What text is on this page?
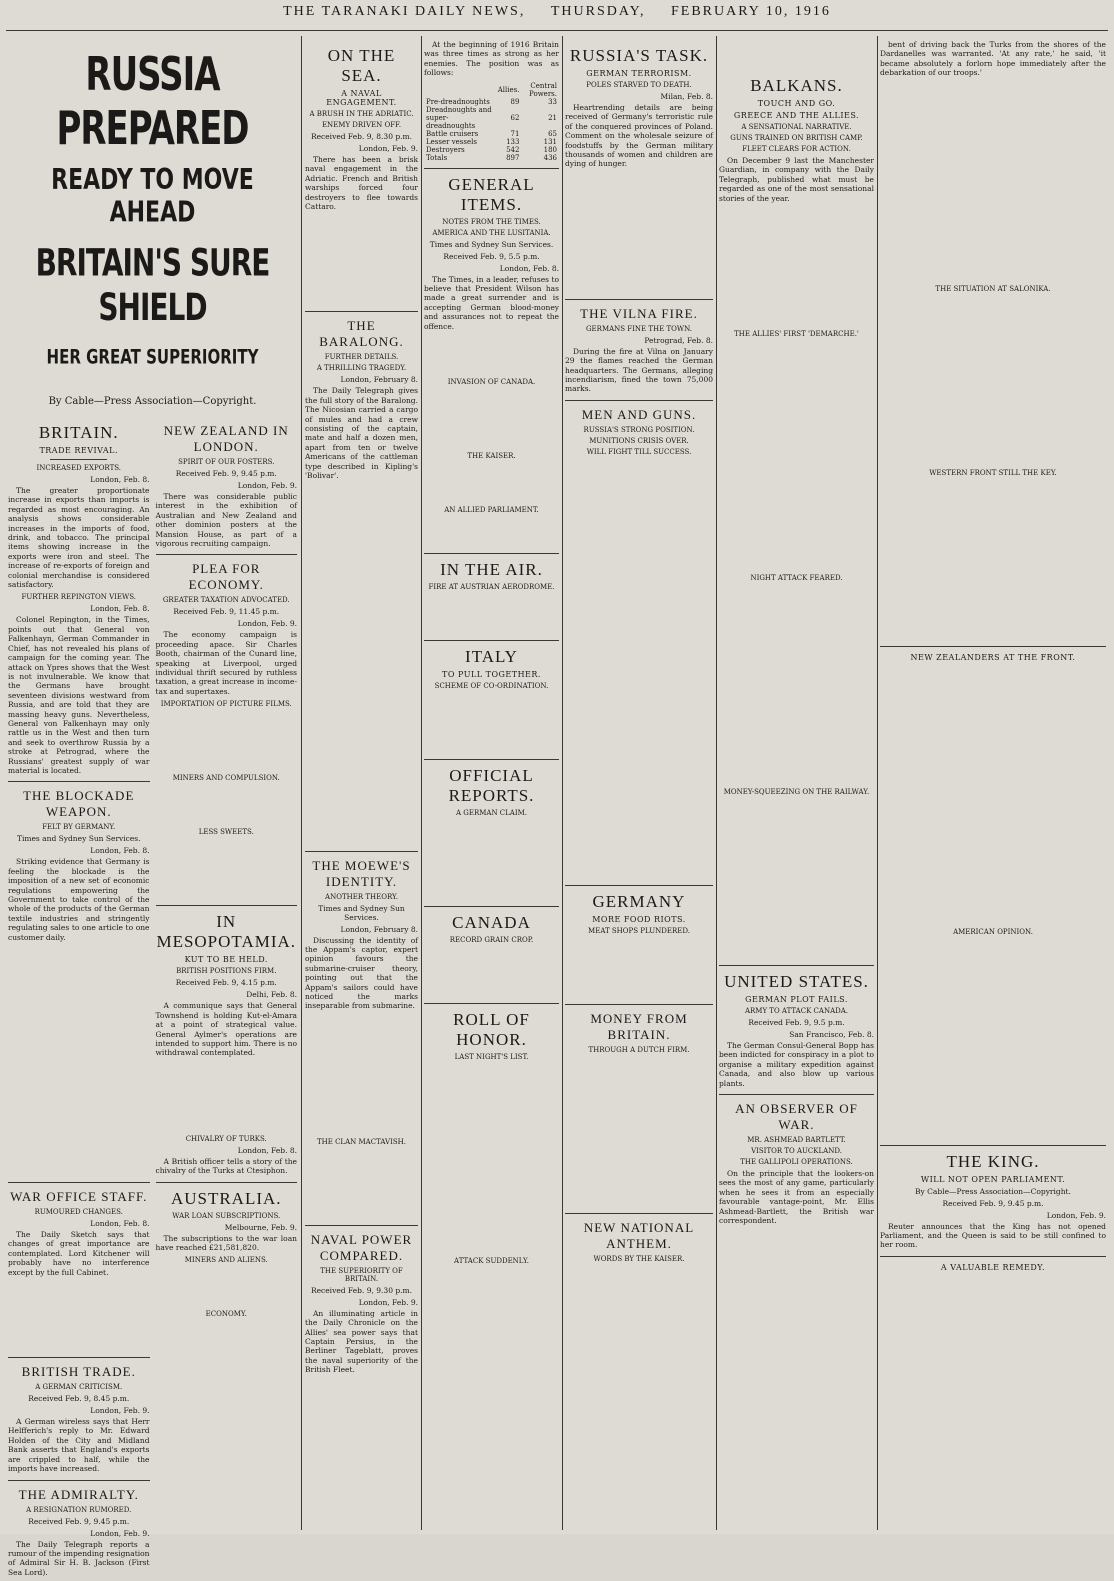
THE TARANAKI DAILY NEWS, THURSDAY, FEBRUARY 10, 1916

RUSSIA PREPARED

READY TO MOVE AHEAD

BRITAIN'S SURE SHIELD

HER GREAT SUPERIORITY

By Cable—Press Association—Copyright.

BRITAIN.
TRADE REVIVAL.
INCREASED EXPORTS.
London, Feb. 8.

The greater proportionate increase in exports than imports is regarded as most encouraging. An analysis shows considerable increases in the imports of food, drink, and tobacco. The principal items showing increase in the exports were iron and steel. The increase of re-exports of foreign and colonial merchandise is considered satisfactory.

FURTHER REPINGTON VIEWS.
London, Feb. 8.

Colonel Repington, in the Times, points out that General von Falkenhayn, German Commander in Chief, has not revealed his plans of campaign for the coming year. The attack on Ypres shows that the West is not invulnerable. We know that the Germans have brought seventeen divisions westward from Russia, and are told that they are massing heavy guns. Nevertheless, General von Falkenhayn may only rattle us in the West and then turn and seek to overthrow Russia by a stroke at Petrograd, where the Russians' greatest supply of war material is located.

THE BLOCKADE WEAPON.
FELT BY GERMANY.
Times and Sydney Sun Services.
London, Feb. 8.

Striking evidence that Germany is feeling the blockade is the imposition of a new set of economic regulations empowering the Government to take control of the whole of the products of the German textile industries and stringently regulating sales to one article to one customer daily.

WAR OFFICE STAFF.
RUMOURED CHANGES.
London, Feb. 8.

The Daily Sketch says that changes of great importance are contemplated. Lord Kitchener will probably have no interference except by the full Cabinet.

BRITISH TRADE.
A GERMAN CRITICISM.
Received Feb. 9, 8.45 p.m.
London, Feb. 9.

A German wireless says that Herr Helfferich's reply to Mr. Edward Holden of the City and Midland Bank asserts that England's exports are crippled to half, while the imports have increased.

THE ADMIRALTY.
A RESIGNATION RUMORED.
Received Feb. 9, 9.45 p.m.
London, Feb. 9.

The Daily Telegraph reports a rumour of the impending resignation of Admiral Sir H. B. Jackson (First Sea Lord).

NEW ZEALAND IN LONDON.
SPIRIT OF OUR FOSTERS.
Received Feb. 9, 9.45 p.m.
London, Feb. 9.

There was considerable public interest in the exhibition of Australian and New Zealand and other dominion posters at the Mansion House, as part of a vigorous recruiting campaign.

PLEA FOR ECONOMY.
GREATER TAXATION ADVOCATED.
Received Feb. 9, 11.45 p.m.
London, Feb. 9.

The economy campaign is proceeding apace. Sir Charles Booth, chairman of the Cunard line, speaking at Liverpool, urged individual thrift secured by ruthless taxation, a great increase in income-tax and supertaxes.

IMPORTATION OF PICTURE FILMS.
MINERS AND COMPULSION.
LESS SWEETS.
IN MESOPOTAMIA.
KUT TO BE HELD.
BRITISH POSITIONS FIRM.
Received Feb. 9, 4.15 p.m.
Delhi, Feb. 8.

A communique says that General Townshend is holding Kut-el-Amara at a point of strategical value. General Aylmer's operations are intended to support him. There is no withdrawal contemplated.

CHIVALRY OF TURKS.
London, Feb. 8.

A British officer tells a story of the chivalry of the Turks at Ctesiphon.

AUSTRALIA.
WAR LOAN SUBSCRIPTIONS.
Melbourne, Feb. 9.

The subscriptions to the war loan have reached £21,581,820.

MINERS AND ALIENS.
ECONOMY.
ON THE SEA.
A NAVAL ENGAGEMENT.
A BRUSH IN THE ADRIATIC.
ENEMY DRIVEN OFF.
Received Feb. 9, 8.30 p.m.
London, Feb. 9.

There has been a brisk naval engagement in the Adriatic. French and British warships forced four destroyers to flee towards Cattaro.

THE BARALONG.
FURTHER DETAILS.
A THRILLING TRAGEDY.
London, February 8.

The Daily Telegraph gives the full story of the Baralong. The Nicosian carried a cargo of mules and had a crew consisting of the captain, mate and half a dozen men, apart from ten or twelve Americans of the cattleman type described in Kipling's 'Bolivar'.

THE MOEWE'S IDENTITY.
ANOTHER THEORY.
Times and Sydney Sun Services.
London, February 8.

Discussing the identity of the Appam's captor, expert opinion favours the submarine-cruiser theory, pointing out that the Appam's sailors could have noticed the marks inseparable from submarine.

THE CLAN MACTAVISH.
NAVAL POWER COMPARED.
THE SUPERIORITY OF BRITAIN.
Received Feb. 9, 9.30 p.m.
London, Feb. 9.

An illuminating article in the Daily Chronicle on the Allies' sea power says that Captain Persius, in the Berliner Tageblatt, proves the naval superiority of the British Fleet.

At the beginning of 1916 Britain was three times as strong as her enemies. The position was as follows:

	Allies.	Central Powers.
Pre-dreadnoughts	89	33
Dreadnoughts and super-dreadnoughts	62	21
Battle cruisers	71	65
Lesser vessels	133	131
Destroyers	542	180
Totals	897	436
GENERAL ITEMS.
NOTES FROM THE TIMES.
AMERICA AND THE LUSITANIA.
Times and Sydney Sun Services.
Received Feb. 9, 5.5 p.m.
London, Feb. 8.

The Times, in a leader, refuses to believe that President Wilson has made a great surrender and is accepting German blood-money and assurances not to repeat the offence.

INVASION OF CANADA.
THE KAISER.
AN ALLIED PARLIAMENT.
IN THE AIR.
FIRE AT AUSTRIAN AERODROME.
ITALY
TO PULL TOGETHER.
SCHEME OF CO-ORDINATION.
OFFICIAL REPORTS.
A GERMAN CLAIM.
CANADA
RECORD GRAIN CROP.
ROLL OF HONOR.
LAST NIGHT'S LIST.
ATTACK SUDDENLY.
RUSSIA'S TASK.
GERMAN TERRORISM.
POLES STARVED TO DEATH.
Milan, Feb. 8.

Heartrending details are being received of Germany's terroristic rule of the conquered provinces of Poland. Comment on the wholesale seizure of foodstuffs by the German military thousands of women and children are dying of hunger.

THE VILNA FIRE.
GERMANS FINE THE TOWN.
Petrograd, Feb. 8.

During the fire at Vilna on January 29 the flames reached the German headquarters. The Germans, alleging incendiarism, fined the town 75,000 marks.

MEN AND GUNS.
RUSSIA'S STRONG POSITION.
MUNITIONS CRISIS OVER.
WILL FIGHT TILL SUCCESS.
GERMANY
MORE FOOD RIOTS.
MEAT SHOPS PLUNDERED.
MONEY FROM BRITAIN.
THROUGH A DUTCH FIRM.
NEW NATIONAL ANTHEM.
WORDS BY THE KAISER.
BALKANS.
TOUCH AND GO.
GREECE AND THE ALLIES.
A SENSATIONAL NARRATIVE.
GUNS TRAINED ON BRITISH CAMP.
FLEET CLEARS FOR ACTION.

On December 9 last the Manchester Guardian, in company with the Daily Telegraph, published what must be regarded as one of the most sensational stories of the year.

THE ALLIES' FIRST 'DEMARCHE.'
NIGHT ATTACK FEARED.
MONEY-SQUEEZING ON THE RAILWAY.
UNITED STATES.
GERMAN PLOT FAILS.
ARMY TO ATTACK CANADA.
Received Feb. 9, 9.5 p.m.
San Francisco, Feb. 8.

The German Consul-General Bopp has been indicted for conspiracy in a plot to organise a military expedition against Canada, and also blow up various plants.

AN OBSERVER OF WAR.
MR. ASHMEAD BARTLETT.
VISITOR TO AUCKLAND.
THE GALLIPOLI OPERATIONS.

On the principle that the lookers-on sees the most of any game, particularly when he sees it from an especially favourable vantage-point, Mr. Ellis Ashmead-Bartlett, the British war correspondent.

bent of driving back the Turks from the shores of the Dardanelles was warranted. 'At any rate,' he said, 'it became absolutely a forlorn hope immediately after the debarkation of our troops.'

THE SITUATION AT SALONIKA.
WESTERN FRONT STILL THE KEY.
NEW ZEALANDERS AT THE FRONT.
AMERICAN OPINION.
THE KING.
WILL NOT OPEN PARLIAMENT.
By Cable—Press Association—Copyright.
Received Feb. 9, 9.45 p.m.
London, Feb. 9.

Reuter announces that the King has not opened Parliament, and the Queen is said to be still confined to her room.

A VALUABLE REMEDY.
